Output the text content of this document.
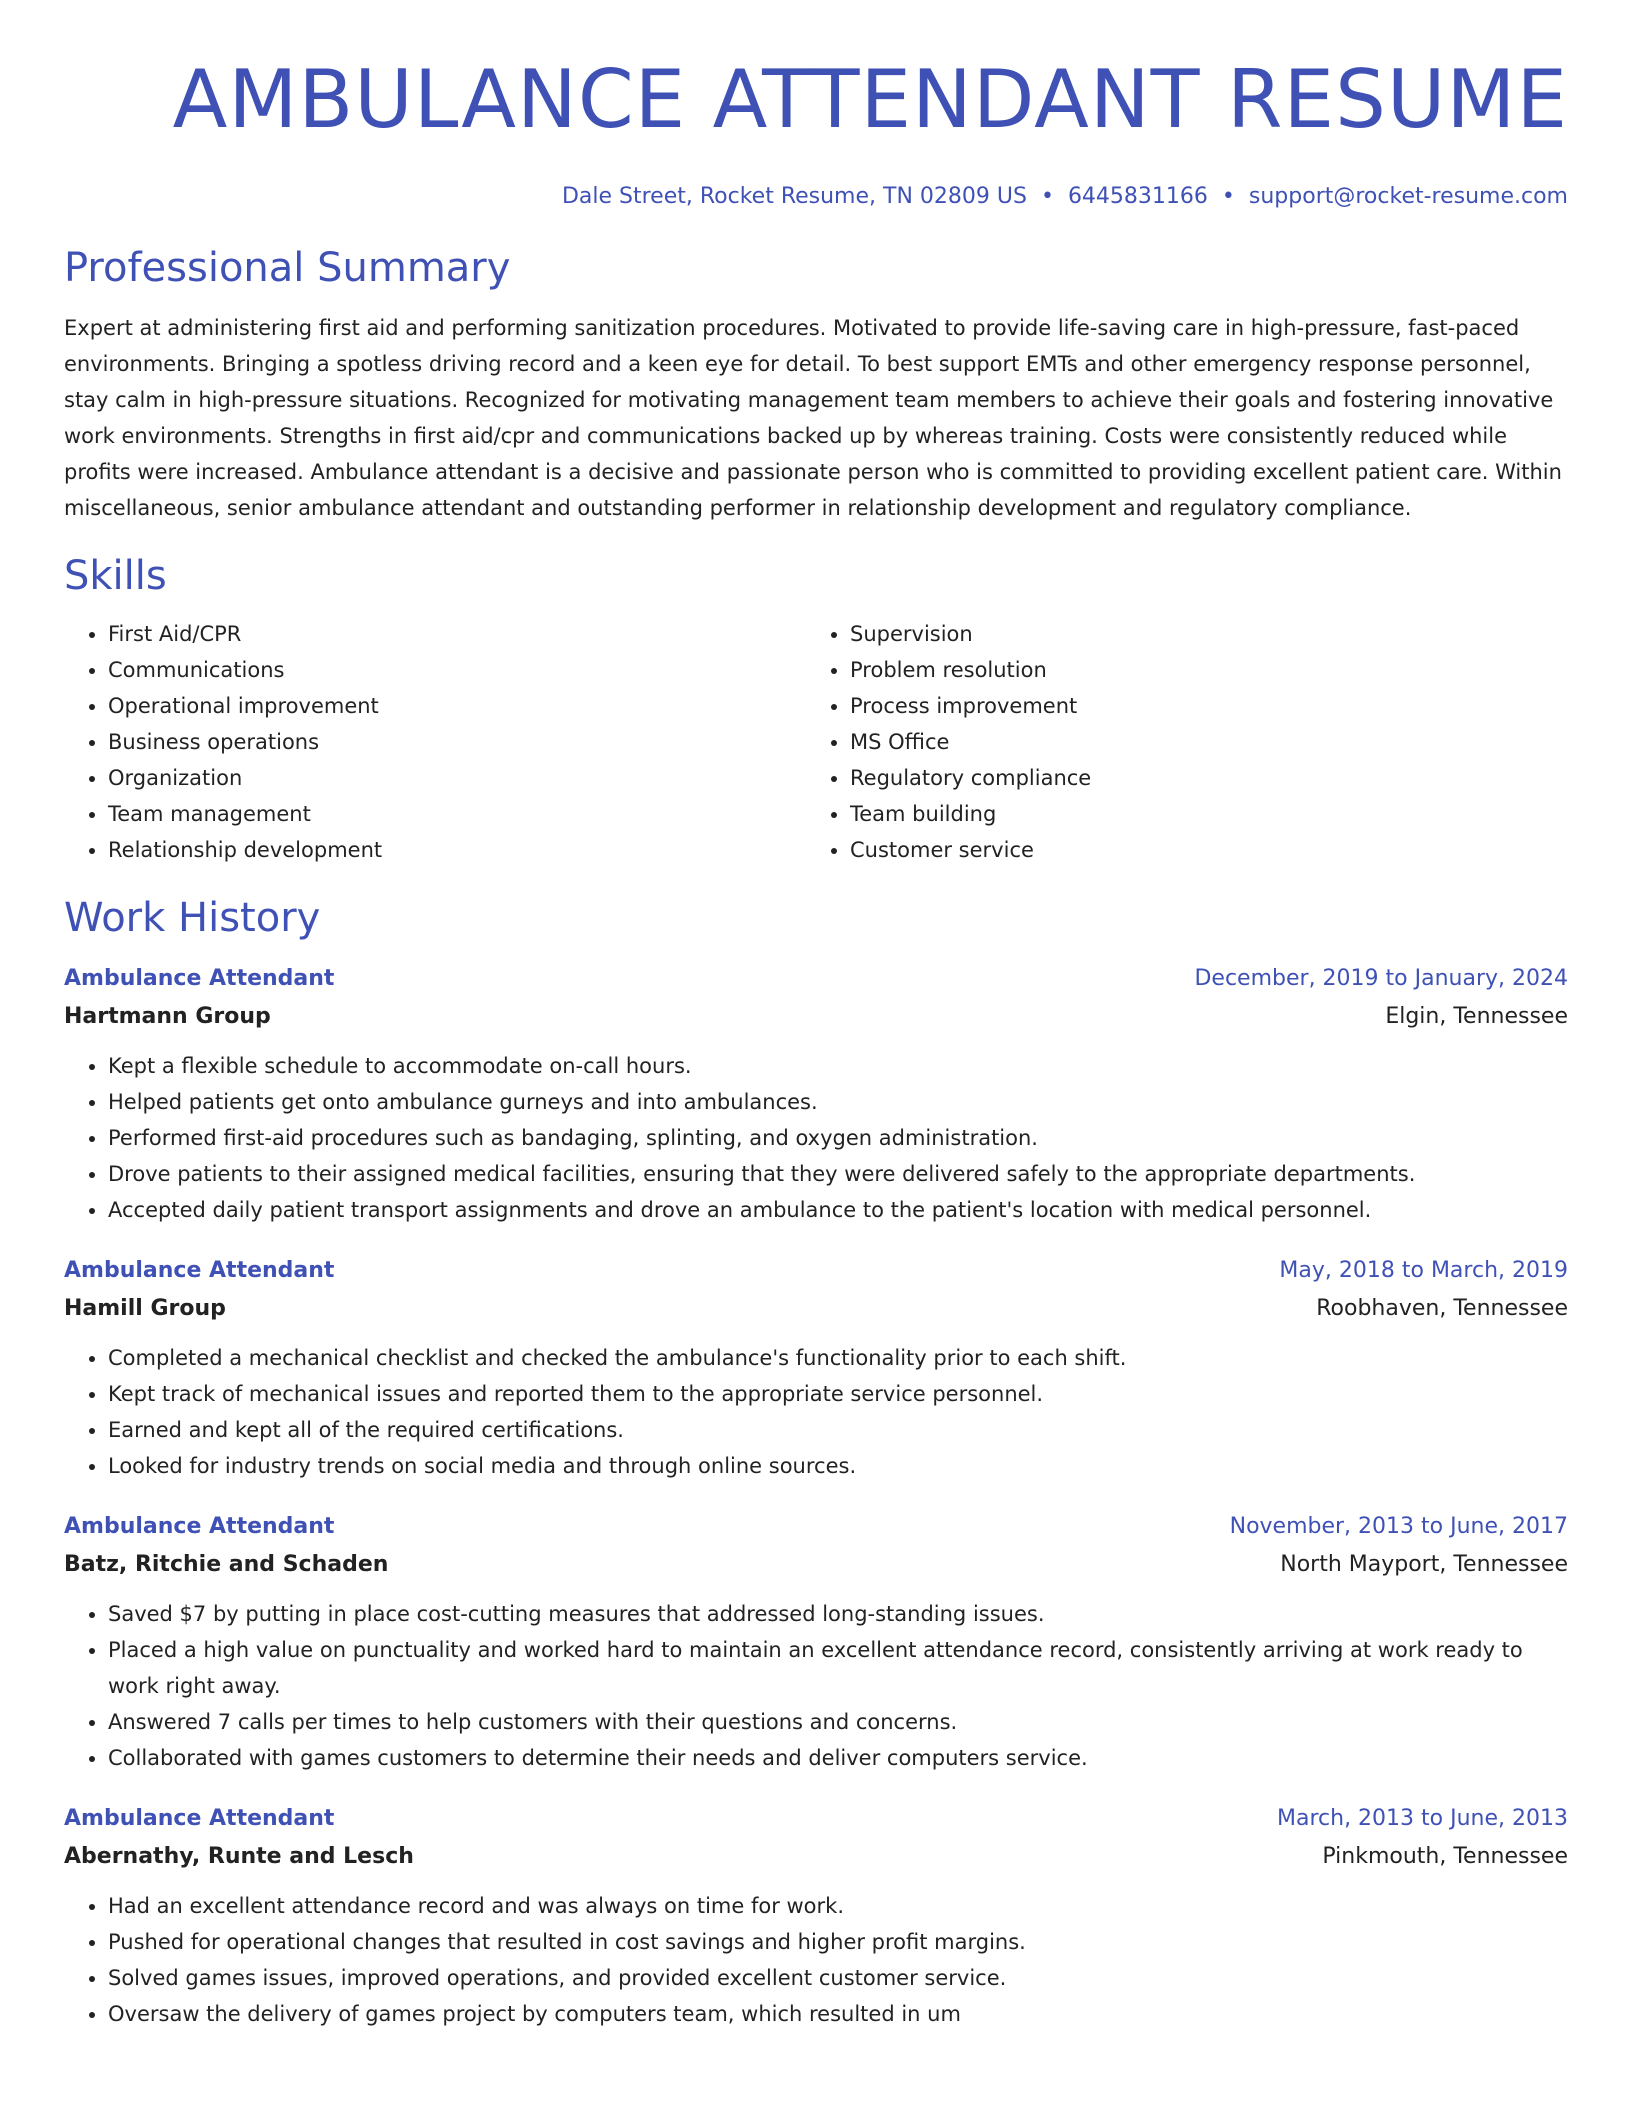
AMBULANCE ATTENDANT RESUME
Dale Street, Rocket Resume, TN 02809 US • 6445831166 • support@rocket-resume.com
Professional Summary

Expert at administering first aid and performing sanitization procedures. Motivated to provide life-saving care in high-pressure, fast-paced environments. Bringing a spotless driving record and a keen eye for detail. To best support EMTs and other emergency response personnel, stay calm in high-pressure situations. Recognized for motivating management team members to achieve their goals and fostering innovative work environments. Strengths in first aid/cpr and communications backed up by whereas training. Costs were consistently reduced while profits were increased. Ambulance attendant is a decisive and passionate person who is committed to providing excellent patient care. Within miscellaneous, senior ambulance attendant and outstanding performer in relationship development and regulatory compliance.

Skills
• First Aid/CPR
• Communications
• Operational improvement
• Business operations
• Organization
• Team management
• Relationship development
• Supervision
• Problem resolution
• Process improvement
• MS Office
• Regulatory compliance
• Team building
• Customer service
Work History
Ambulance Attendant	December, 2019 to January, 2024
Hartmann Group	Elgin, Tennessee
• Kept a flexible schedule to accommodate on-call hours.
• Helped patients get onto ambulance gurneys and into ambulances.
• Performed first-aid procedures such as bandaging, splinting, and oxygen administration.
• Drove patients to their assigned medical facilities, ensuring that they were delivered safely to the appropriate departments.
• Accepted daily patient transport assignments and drove an ambulance to the patient's location with medical personnel.
Ambulance Attendant	May, 2018 to March, 2019
Hamill Group	Roobhaven, Tennessee
• Completed a mechanical checklist and checked the ambulance's functionality prior to each shift.
• Kept track of mechanical issues and reported them to the appropriate service personnel.
• Earned and kept all of the required certifications.
• Looked for industry trends on social media and through online sources.
Ambulance Attendant	November, 2013 to June, 2017
Batz, Ritchie and Schaden	North Mayport, Tennessee
• Saved $7 by putting in place cost-cutting measures that addressed long-standing issues.
• Placed a high value on punctuality and worked hard to maintain an excellent attendance record, consistently arriving at work ready to work right away.
• Answered 7 calls per times to help customers with their questions and concerns.
• Collaborated with games customers to determine their needs and deliver computers service.
Ambulance Attendant	March, 2013 to June, 2013
Abernathy, Runte and Lesch	Pinkmouth, Tennessee
• Had an excellent attendance record and was always on time for work.
• Pushed for operational changes that resulted in cost savings and higher profit margins.
• Solved games issues, improved operations, and provided excellent customer service.
• Oversaw the delivery of games project by computers team, which resulted in um
